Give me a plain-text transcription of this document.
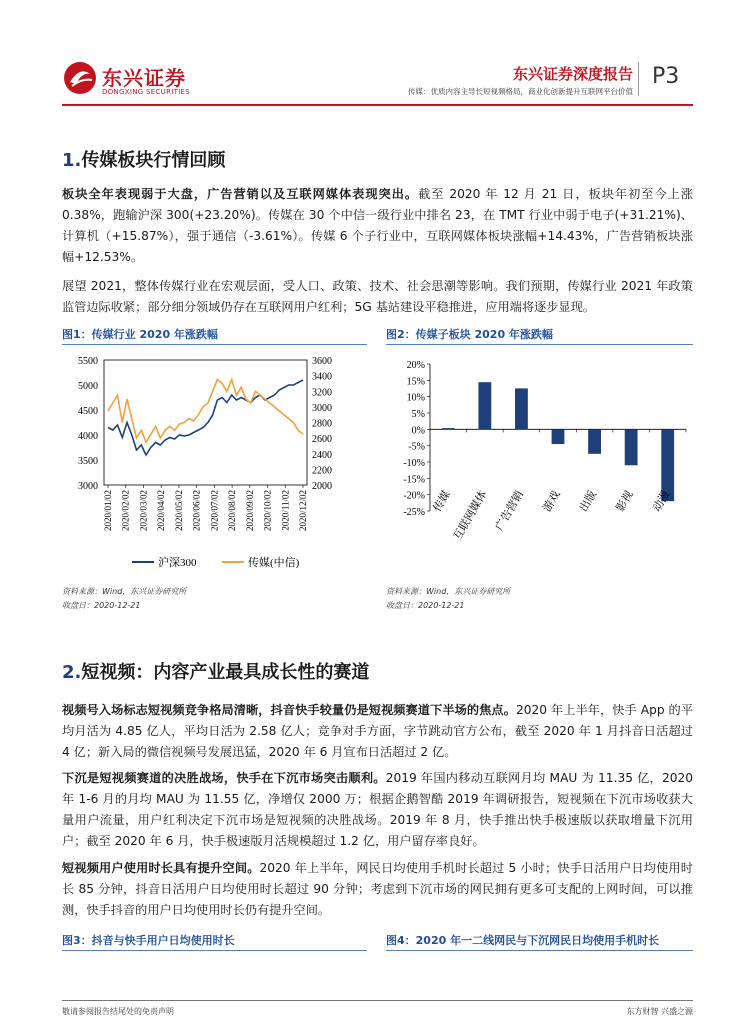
东兴证券
DONGXING SECURITIES
东兴证券深度报告
传媒：优质内容主导长短视频格局，商业化创新提升互联网平台价值
P3
1.传媒板块行情回顾
板块全年表现弱于大盘，广告营销以及互联网媒体表现突出。截至 2020 年 12 月 21 日，板块年初至今上涨 0.38%，跑输沪深 300(+23.20%)。传媒在 30 个中信一级行业中排名 23，在 TMT 行业中弱于电子(+31.21%)、计算机（+15.87%），强于通信（-3.61%）。传媒 6 个子行业中，互联网媒体板块涨幅+14.43%，广告营销板块涨幅+12.53%。
展望 2021，整体传媒行业在宏观层面，受人口、政策、技术、社会思潮等影响。我们预期，传媒行业 2021 年政策监管边际收紧；部分细分领域仍存在互联网用户红利；5G 基站建设平稳推进，应用端将逐步显现。
图1：传媒行业 2020 年涨跌幅
5500
5000
4500
4000
3500
3000
3600
3400
3200
3000
2800
2600
2400
2200
2000
2020/01/02 2020/02/02 2020/03/02 2020/04/02 2020/05/02 2020/06/02 2020/07/02 2020/08/02 2020/09/02 2020/10/02 2020/11/02 2020/12/02
沪深300	传媒(中信)
资料来源：Wind，东兴证券研究所
收盘日：2020-12-21
图2：传媒子板块 2020 年涨跌幅
20%
15%
10%
5%
0%
-5%
-10%
-15%
-20%
-25% 传媒
互联网媒体 广告营销 游戏 出版 影视 动漫
资料来源：Wind，东兴证券研究所
收盘日：2020-12-21
2.短视频：内容产业最具成长性的赛道
视频号入场标志短视频竞争格局清晰，抖音快手较量仍是短视频赛道下半场的焦点。2020 年上半年，快手 App 的平均月活为 4.85 亿人，平均日活为 2.58 亿人；竞争对手方面，字节跳动官方公布，截至 2020 年 1 月抖音日活超过 4 亿；新入局的微信视频号发展迅猛，2020 年 6 月宣布日活超过 2 亿。
下沉是短视频赛道的决胜战场，快手在下沉市场突击顺利。2019 年国内移动互联网月均 MAU 为 11.35 亿，2020 年 1-6 月的月均 MAU 为 11.55 亿，净增仅 2000 万；根据企鹅智酷 2019 年调研报告，短视频在下沉市场收获大量用户流量，用户红利决定下沉市场是短视频的决胜战场。2019 年 8 月，快手推出快手极速版以获取增量下沉用户；截至 2020 年 6 月，快手极速版月活规模超过 1.2 亿，用户留存率良好。
短视频用户使用时长具有提升空间。2020 年上半年，网民日均使用手机时长超过 5 小时；快手日活用户日均使用时长 85 分钟，抖音日活用户日均使用时长超过 90 分钟；考虑到下沉市场的网民拥有更多可支配的上网时间，可以推测，快手抖音的用户日均使用时长仍有提升空间。
图3：抖音与快手用户日均使用时长	图4：2020 年一二线网民与下沉网民日均使用手机时长
敬请参阅报告结尾处的免责声明	东方财智 兴盛之源
